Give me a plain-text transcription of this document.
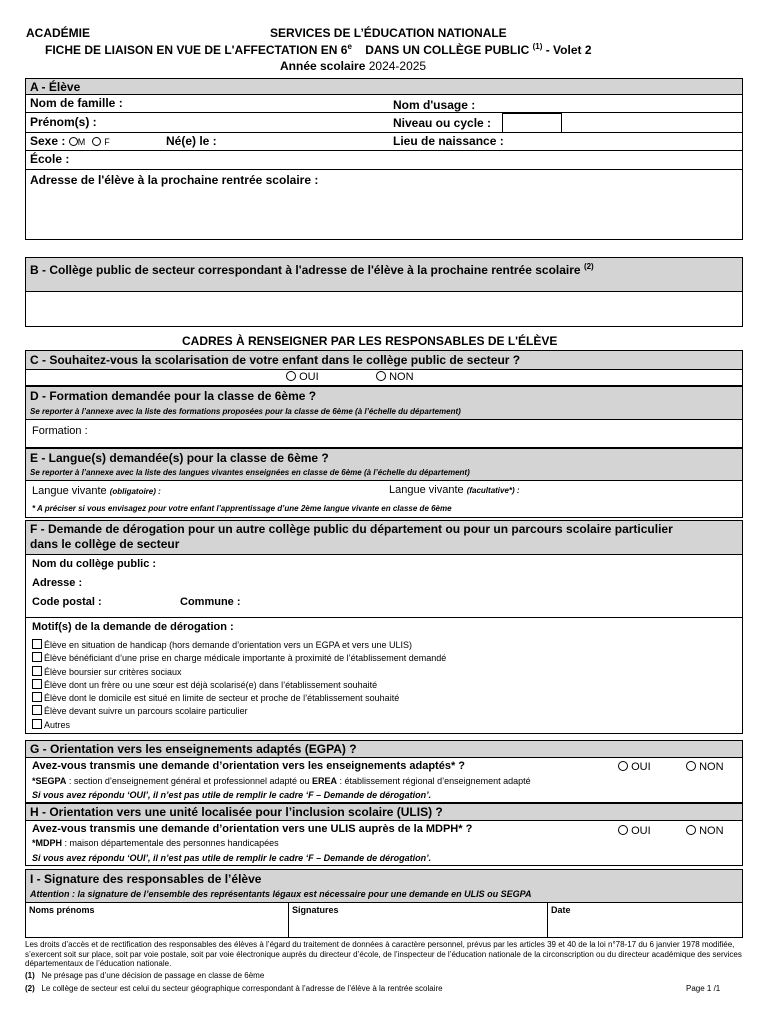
ACADÉMIE	SERVICES DE L’ÉDUCATION NATIONALE
FICHE DE LIAISON EN VUE DE L'AFFECTATION EN 6e DANS UN COLLÈGE PUBLIC $^{(1)}$ - Volet 2
Année scolaire 2024-2025
A - Élève
Nom de famille :	Nom d'usage :
Prénom(s) :	Niveau ou cycle :
Sexe : M F	Né(e) le :	Lieu de naissance :
École :
Adresse de l'élève à la prochaine rentrée scolaire :
B - Collège public de secteur correspondant à l'adresse de l'élève à la prochaine rentrée scolaire $^{(2)}$
CADRES À RENSEIGNER PAR LES RESPONSABLES DE L'ÉLÈVE
C - Souhaitez-vous la scolarisation de votre enfant dans le collège public de secteur ?
OUI	NON
D - Formation demandée pour la classe de 6ème ?
Se reporter à l’annexe avec la liste des formations proposées pour la classe de 6ème (à l’échelle du département)
Formation :
E - Langue(s) demandée(s) pour la classe de 6ème ?
Se reporter à l’annexe avec la liste des langues vivantes enseignées en classe de 6ème (à l’échelle du département)
Langue vivante (obligatoire) :	Langue vivante (facultative*) :
* A préciser si vous envisagez pour votre enfant l’apprentissage d’une 2ème langue vivante en classe de 6ème
F - Demande de dérogation pour un autre collège public du département ou pour un parcours scolaire particulier
dans le collège de secteur
Nom du collège public :
Adresse :
Code postal :	Commune :
Motif(s) de la demande de dérogation :
Élève en situation de handicap (hors demande d’orientation vers un EGPA et vers une ULIS)
Élève bénéficiant d’une prise en charge médicale importante à proximité de l’établissement demandé
Élève boursier sur critères sociaux
Élève dont un frère ou une sœur est déjà scolarisé(e) dans l’établissement souhaité
Élève dont le domicile est situé en limite de secteur et proche de l’établissement souhaité
Élève devant suivre un parcours scolaire particulier
Autres
G - Orientation vers les enseignements adaptés (EGPA) ?
Avez-vous transmis une demande d’orientation vers les enseignements adaptés* ?
*SEGPA : section d’enseignement général et professionnel adapté ou EREA : établissement régional d’enseignement adapté
Si vous avez répondu ‘OUI’, il n’est pas utile de remplir le cadre ‘F – Demande de dérogation’.
OUI	NON
H - Orientation vers une unité localisée pour l’inclusion scolaire (ULIS) ?
Avez-vous transmis une demande d’orientation vers une ULIS auprès de la MDPH* ?
*MDPH : maison départementale des personnes handicapées
Si vous avez répondu ‘OUI’, il n’est pas utile de remplir le cadre ‘F – Demande de dérogation’.
OUI	NON
I - Signature des responsables de l’élève
Attention : la signature de l’ensemble des représentants légaux est nécessaire pour une demande en ULIS ou SEGPA
Noms prénoms	Signatures	Date
Les droits d’accès et de rectification des responsables des élèves à l’égard du traitement de données à caractère personnel, prévus par les articles 39 et 40 de la loi n°78-17 du 6 janvier 1978 modifiée, s’exercent soit sur place, soit par voie postale, soit par voie électronique auprès du directeur d’école, de l’inspecteur de l’éducation nationale de la circonscription ou du directeur académique des services départementaux de l’éducation nationale.
(1) Ne présage pas d’une décision de passage en classe de 6ème
(2) Le collège de secteur est celui du secteur géographique correspondant à l’adresse de l’élève à la rentrée scolaire	Page 1 /1
